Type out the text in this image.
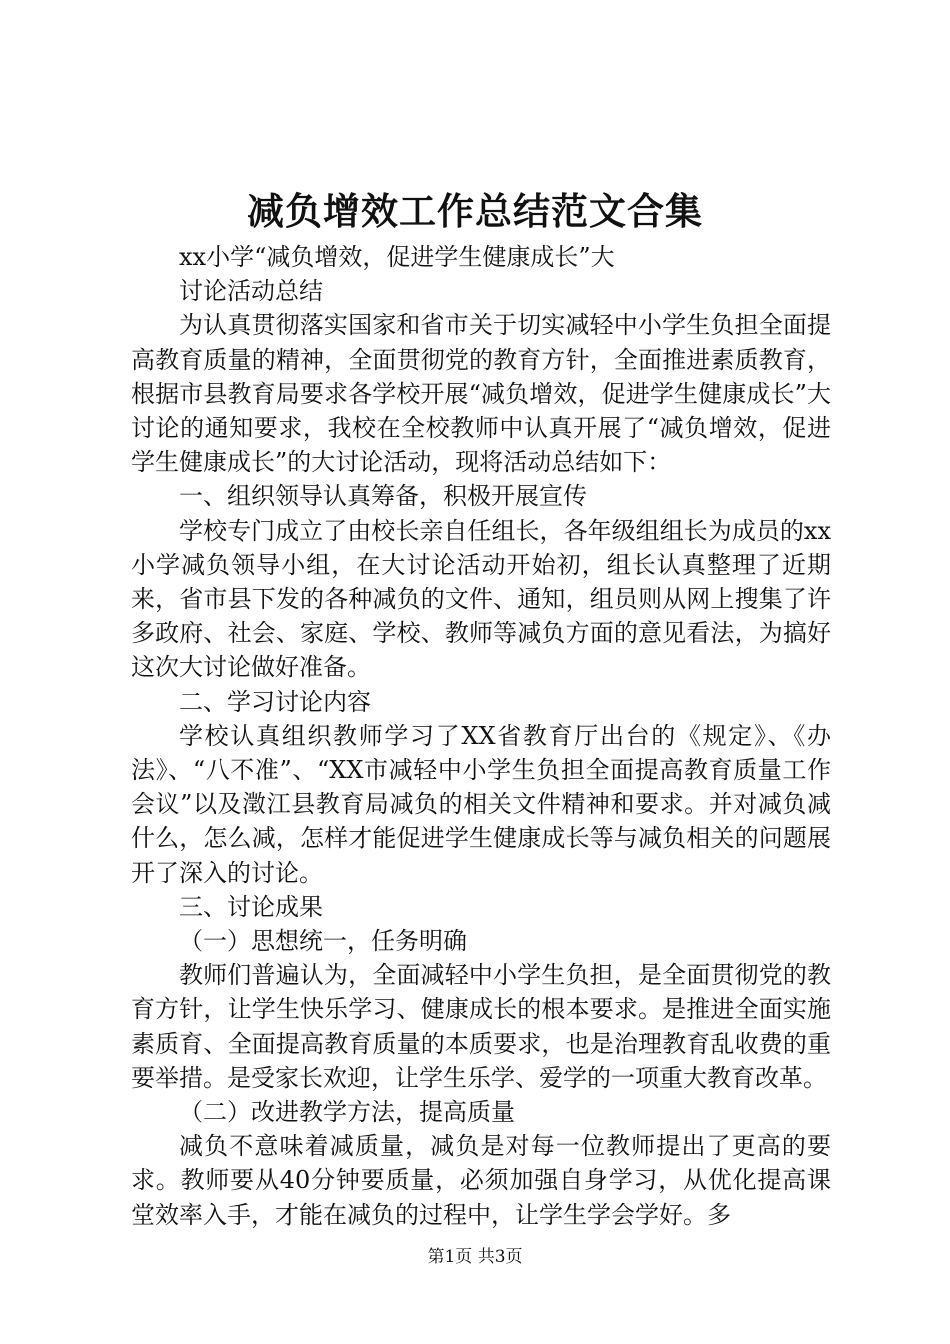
减负增效工作总结范文合集

xx小学“减负增效，促进学生健康成长”大

讨论活动总结

为认真贯彻落实国家和省市关于切实减轻中小学生负担全面提高教育质量的精神，全面贯彻党的教育方针，全面推进素质教育，根据市县教育局要求各学校开展“减负增效，促进学生健康成长”大讨论的通知要求，我校在全校教师中认真开展了“减负增效，促进学生健康成长”的大讨论活动，现将活动总结如下：

一、组织领导认真筹备，积极开展宣传

学校专门成立了由校长亲自任组长，各年级组组长为成员的xx小学减负领导小组，在大讨论活动开始初，组长认真整理了近期来，省市县下发的各种减负的文件、通知，组员则从网上搜集了许多政府、社会、家庭、学校、教师等减负方面的意见看法，为搞好这次大讨论做好准备。

二、学习讨论内容

学校认真组织教师学习了XX省教育厅出台的《规定》、《办法》、“八不准”、“XX市减轻中小学生负担全面提高教育质量工作会议”以及澂江县教育局减负的相关文件精神和要求。并对减负减什么，怎么减，怎样才能促进学生健康成长等与减负相关的问题展开了深入的讨论。

三、讨论成果

（一）思想统一，任务明确

教师们普遍认为，全面减轻中小学生负担，是全面贯彻党的教育方针，让学生快乐学习、健康成长的根本要求。是推进全面实施素质育、全面提高教育质量的本质要求，也是治理教育乱收费的重要举措。是受家长欢迎，让学生乐学、爱学的一项重大教育改革。

（二）改进教学方法，提高质量

减负不意味着减质量，减负是对每一位教师提出了更高的要求。教师要从40分钟要质量，必须加强自身学习，从优化提高课堂效率入手，才能在减负的过程中，让学生学会学好。多

第1页 共3页
